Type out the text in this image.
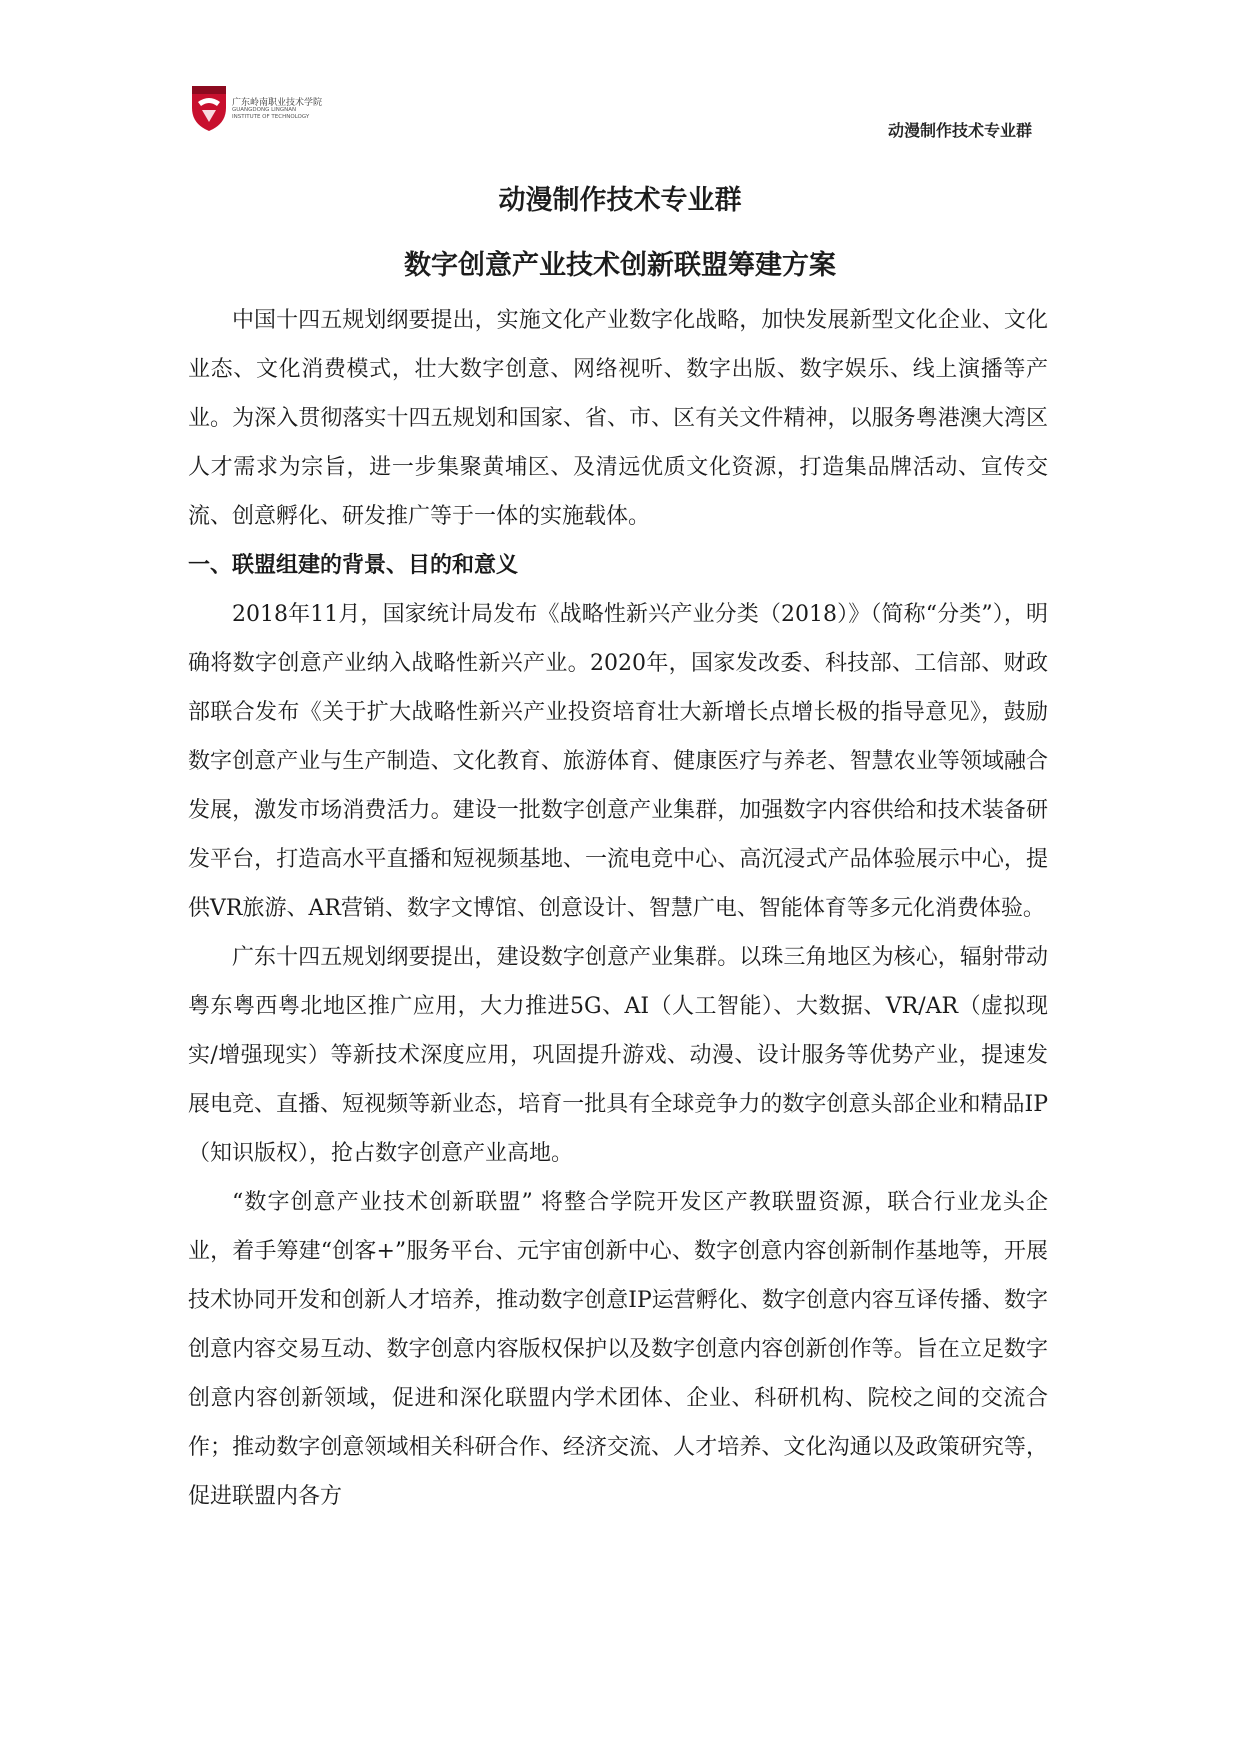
广东岭南职业技术学院
GUANGDONG LINGNAN
INSTITUTE OF TECHNOLOGY
动漫制作技术专业群
动漫制作技术专业群
数字创意产业技术创新联盟筹建方案

中国十四五规划纲要提出，实施文化产业数字化战略，加快发展新型文化企业、文化业态、文化消费模式，壮大数字创意、网络视听、数字出版、数字娱乐、线上演播等产业。为深入贯彻落实十四五规划和国家、省、市、区有关文件精神，以服务粤港澳大湾区人才需求为宗旨，进一步集聚黄埔区、及清远优质文化资源，打造集品牌活动、宣传交流、创意孵化、研发推广等于一体的实施载体。

一、联盟组建的背景、目的和意义

2018年11月，国家统计局发布《战略性新兴产业分类（2018）》（简称“分类”），明确将数字创意产业纳入战略性新兴产业。2020年，国家发改委、科技部、工信部、财政部联合发布《关于扩大战略性新兴产业投资培育壮大新增长点增长极的指导意见》，鼓励数字创意产业与生产制造、文化教育、旅游体育、健康医疗与养老、智慧农业等领域融合发展，激发市场消费活力。建设一批数字创意产业集群，加强数字内容供给和技术装备研发平台，打造高水平直播和短视频基地、一流电竞中心、高沉浸式产品体验展示中心，提供VR旅游、AR营销、数字文博馆、创意设计、智慧广电、智能体育等多元化消费体验。

广东十四五规划纲要提出，建设数字创意产业集群。以珠三角地区为核心，辐射带动粤东粤西粤北地区推广应用，大力推进5G、AI（人工智能）、大数据、VR/AR（虚拟现实/增强现实）等新技术深度应用，巩固提升游戏、动漫、设计服务等优势产业，提速发展电竞、直播、短视频等新业态，培育一批具有全球竞争力的数字创意头部企业和精品IP（知识版权），抢占数字创意产业高地。

“数字创意产业技术创新联盟” 将整合学院开发区产教联盟资源，联合行业龙头企业，着手筹建“创客+”服务平台、元宇宙创新中心、数字创意内容创新制作基地等，开展技术协同开发和创新人才培养，推动数字创意IP运营孵化、数字创意内容互译传播、数字创意内容交易互动、数字创意内容版权保护以及数字创意内容创新创作等。旨在立足数字创意内容创新领域，促进和深化联盟内学术团体、企业、科研机构、院校之间的交流合作；推动数字创意领域相关科研合作、经济交流、人才培养、文化沟通以及政策研究等，促进联盟内各方
